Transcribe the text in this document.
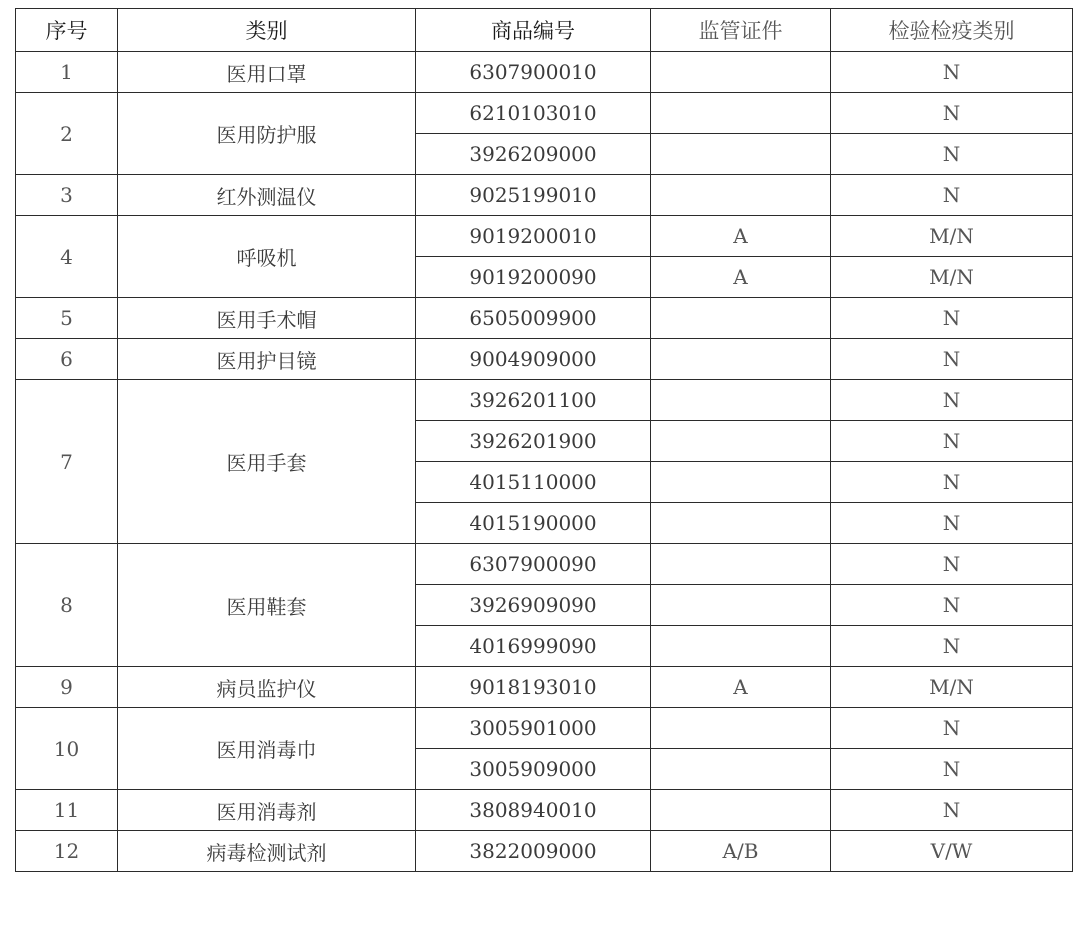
序号	类别	商品编号	监管证件	检验检疫类别
1	医用口罩	6307900010		N
2	医用防护服	6210103010		N
		3926209000		N
3	红外测温仪	9025199010		N
4	呼吸机	9019200010	A	M/N
		9019200090	A	M/N
5	医用手术帽	6505009900		N
6	医用护目镜	9004909000		N
7	医用手套	3926201100		N
		3926201900		N
		4015110000		N
		4015190000		N
8	医用鞋套	6307900090		N
		3926909090		N
		4016999090		N
9	病员监护仪	9018193010	A	M/N
10	医用消毒巾	3005901000		N
		3005909000		N
11	医用消毒剂	3808940010		N
12	病毒检测试剂	3822009000	A/B	V/W
